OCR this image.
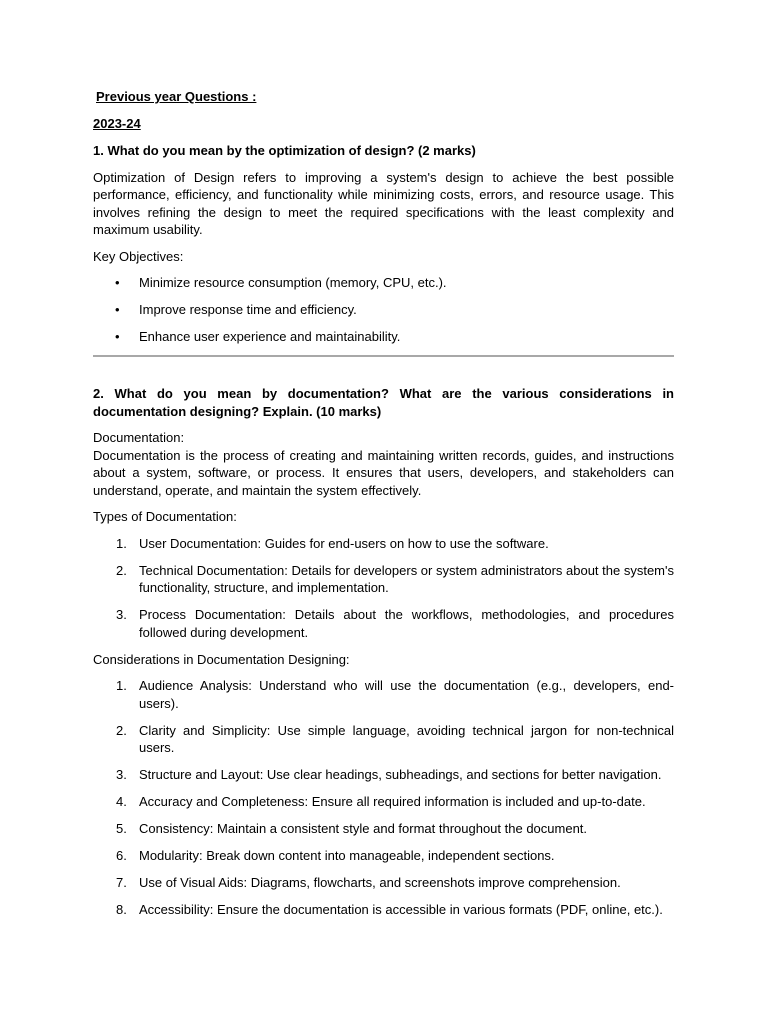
Previous year Questions :
2023-24
1. What do you mean by the optimization of design? (2 marks)
Optimization of Design refers to improving a system's design to achieve the best possible performance, efficiency, and functionality while minimizing costs, errors, and resource usage. This involves refining the design to meet the required specifications with the least complexity and maximum usability.
Key Objectives:
• Minimize resource consumption (memory, CPU, etc.).
• Improve response time and efficiency.
• Enhance user experience and maintainability.
2. What do you mean by documentation? What are the various considerations in documentation designing? Explain. (10 marks)
Documentation:
Documentation is the process of creating and maintaining written records, guides, and instructions about a system, software, or process. It ensures that users, developers, and stakeholders can understand, operate, and maintain the system effectively.
Types of Documentation:
1. User Documentation: Guides for end-users on how to use the software.
2. Technical Documentation: Details for developers or system administrators about the system's functionality, structure, and implementation.
3. Process Documentation: Details about the workflows, methodologies, and procedures followed during development.
Considerations in Documentation Designing:
1. Audience Analysis: Understand who will use the documentation (e.g., developers, end-users).
2. Clarity and Simplicity: Use simple language, avoiding technical jargon for non-technical users.
3. Structure and Layout: Use clear headings, subheadings, and sections for better navigation.
4. Accuracy and Completeness: Ensure all required information is included and up-to-date.
5. Consistency: Maintain a consistent style and format throughout the document.
6. Modularity: Break down content into manageable, independent sections.
7. Use of Visual Aids: Diagrams, flowcharts, and screenshots improve comprehension.
8. Accessibility: Ensure the documentation is accessible in various formats (PDF, online, etc.).
